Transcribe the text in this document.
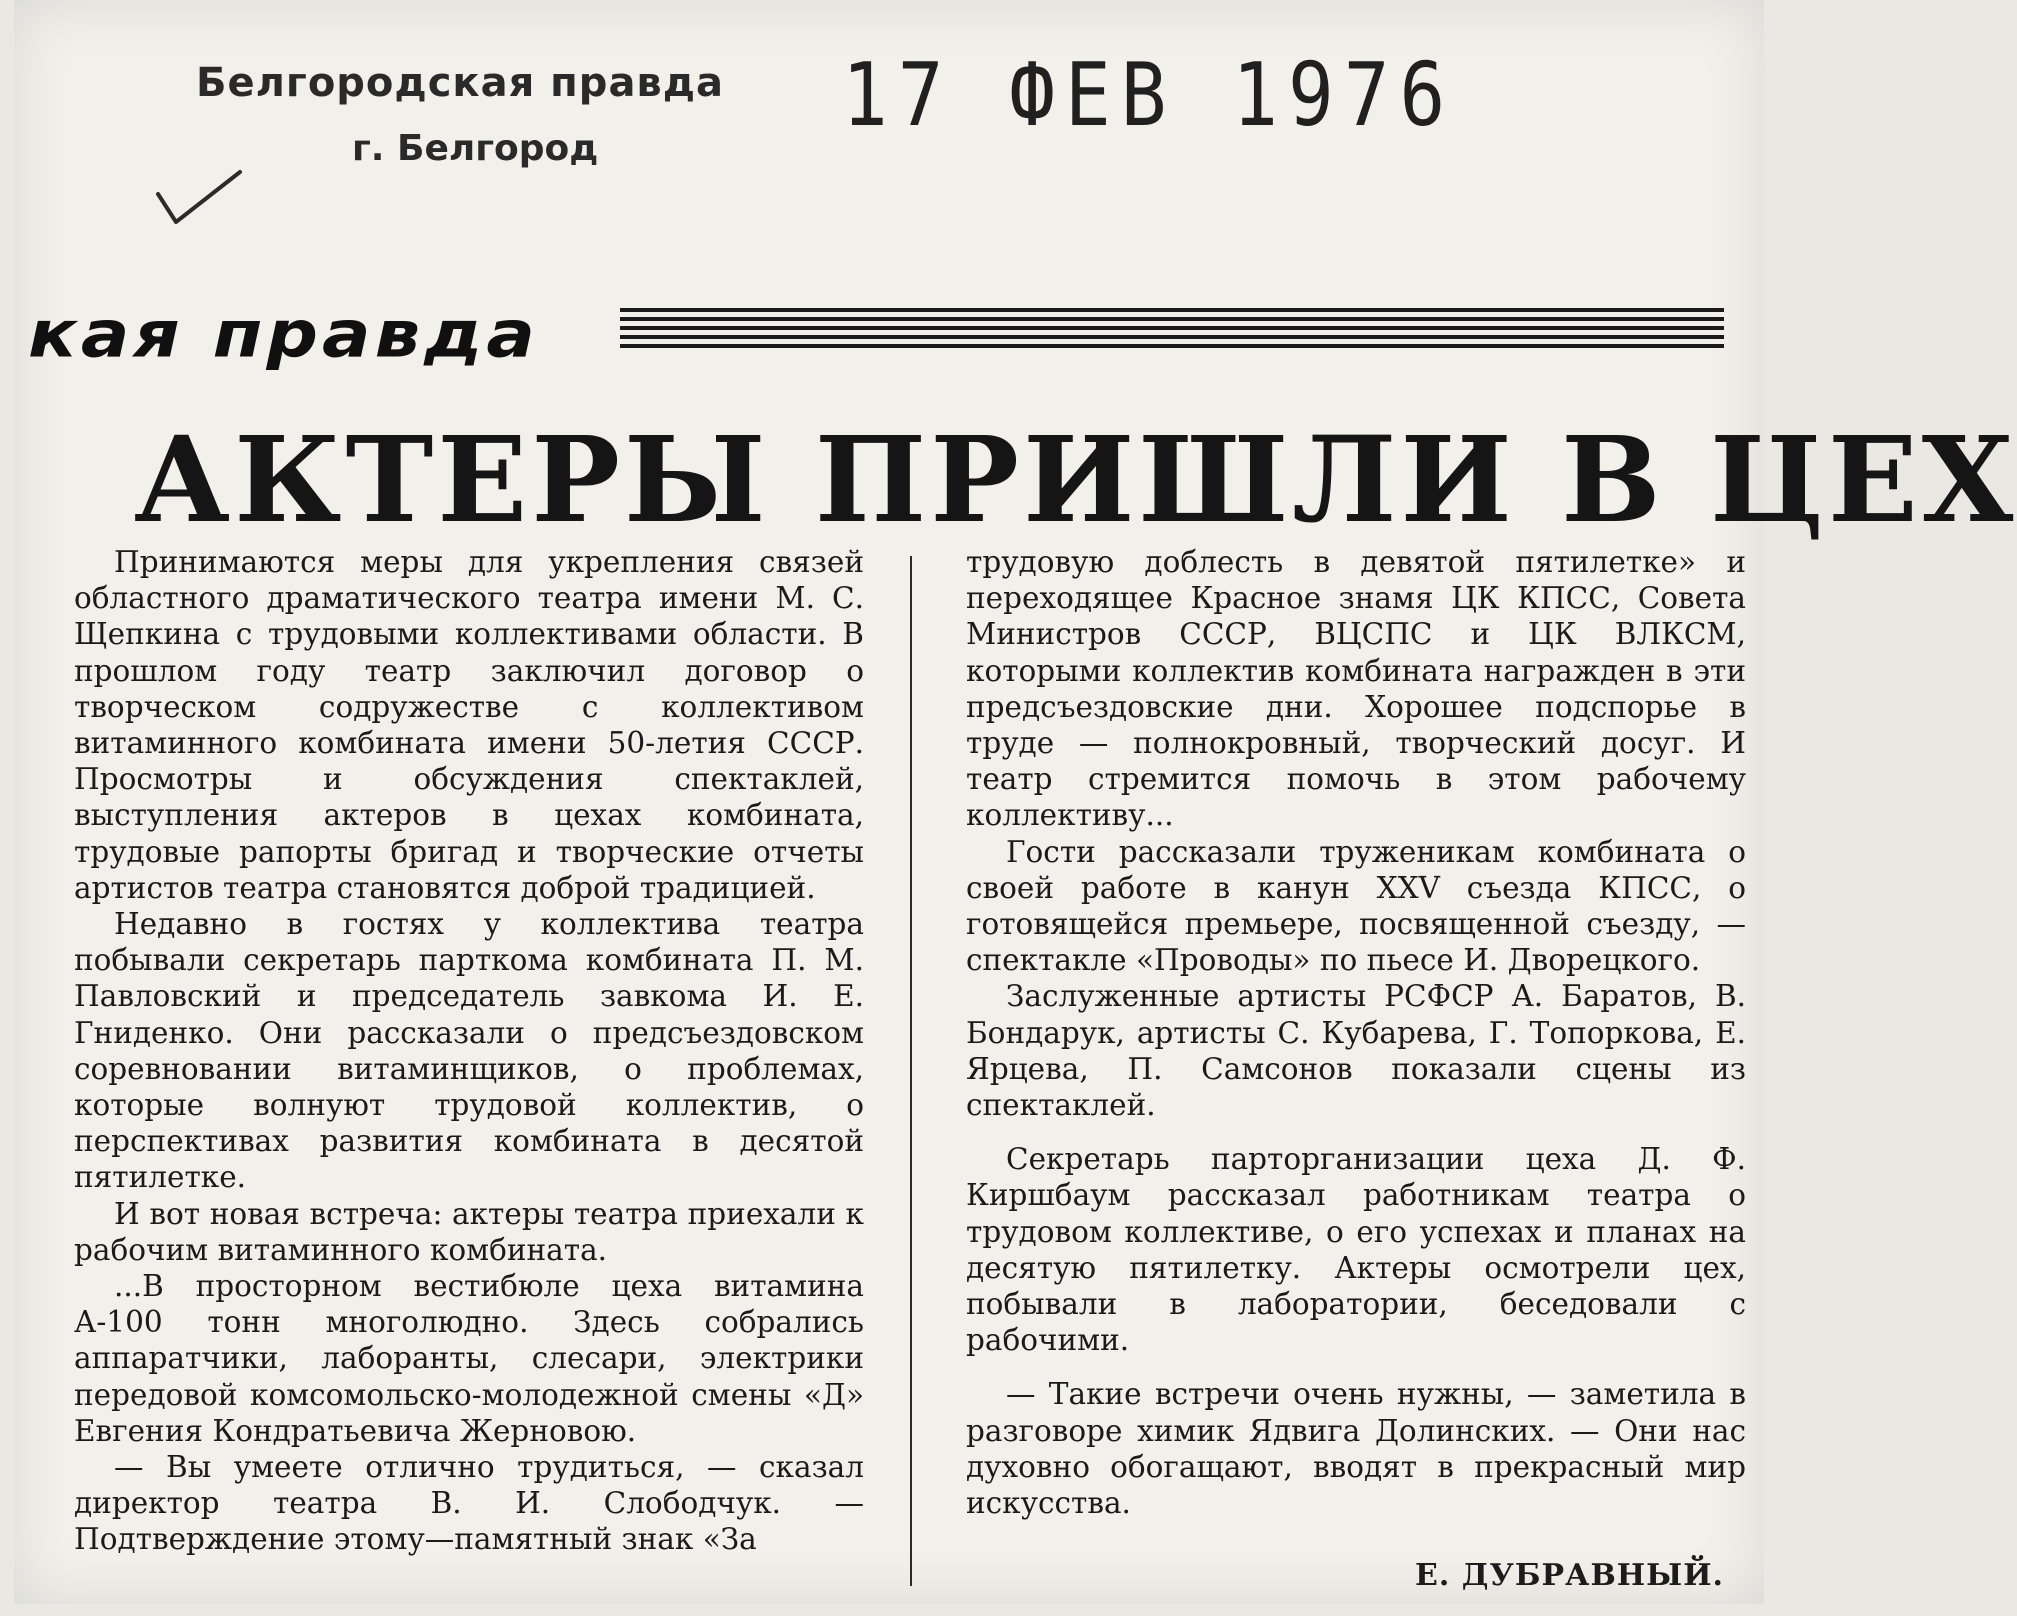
Белгородская правда
г. Белгород
17 ФЕВ 1976
кая правда
АКТЕРЫ ПРИШЛИ В ЦЕХ

Принимаются меры для укрепления связей областного драматического театра имени М. С. Щепкина с трудовыми коллективами области. В прошлом году театр заключил договор о творческом содружестве с коллективом витаминного комбината имени 50-летия СССР. Просмотры и обсуждения спектаклей, выступления актеров в цехах комбината, трудовые рапорты бригад и творческие отчеты артистов театра становятся доброй традицией.

Недавно в гостях у коллектива театра побывали секретарь парткома комбината П. М. Павловский и председатель завкома И. Е. Гниденко. Они рассказали о предсъездовском соревновании витаминщиков, о проблемах, которые волнуют трудовой коллектив, о перспективах развития комбината в десятой пятилетке.

И вот новая встреча: актеры театра приехали к рабочим витаминного комбината.

...В просторном вестибюле цеха витамина А-100 тонн многолюдно. Здесь собрались аппаратчики, лаборанты, слесари, электрики передовой комсомольско-молодежной смены «Д» Евгения Кондратьевича Жерновою.

— Вы умеете отлично трудиться, — сказал директор театра В. И. Слободчук. — Подтверждение этому—памятный знак «За

трудовую доблесть в девятой пятилетке» и переходящее Красное знамя ЦК КПСС, Совета Министров СССР, ВЦСПС и ЦК ВЛКСМ, которыми коллектив комбината награжден в эти предсъездовские дни. Хорошее подспорье в труде — полнокровный, творческий досуг. И театр стремится помочь в этом рабочему коллективу...

Гости рассказали труженикам комбината о своей работе в канун XXV съезда КПСС, о готовящейся премьере, посвященной съезду, — спектакле «Проводы» по пьесе И. Дворецкого.

Заслуженные артисты РСФСР А. Баратов, В. Бондарук, артисты С. Кубарева, Г. Топоркова, Е. Ярцева, П. Самсонов показали сцены из спектаклей.

Секретарь парторганизации цеха Д. Ф. Киршбаум рассказал работникам театра о трудовом коллективе, о его успехах и планах на десятую пятилетку. Актеры осмотрели цех, побывали в лаборатории, беседовали с рабочими.

— Такие встречи очень нужны, — заметила в разговоре химик Ядвига Долинских. — Они нас духовно обогащают, вводят в прекрасный мир искусства.

Е. ДУБРАВНЫЙ.
